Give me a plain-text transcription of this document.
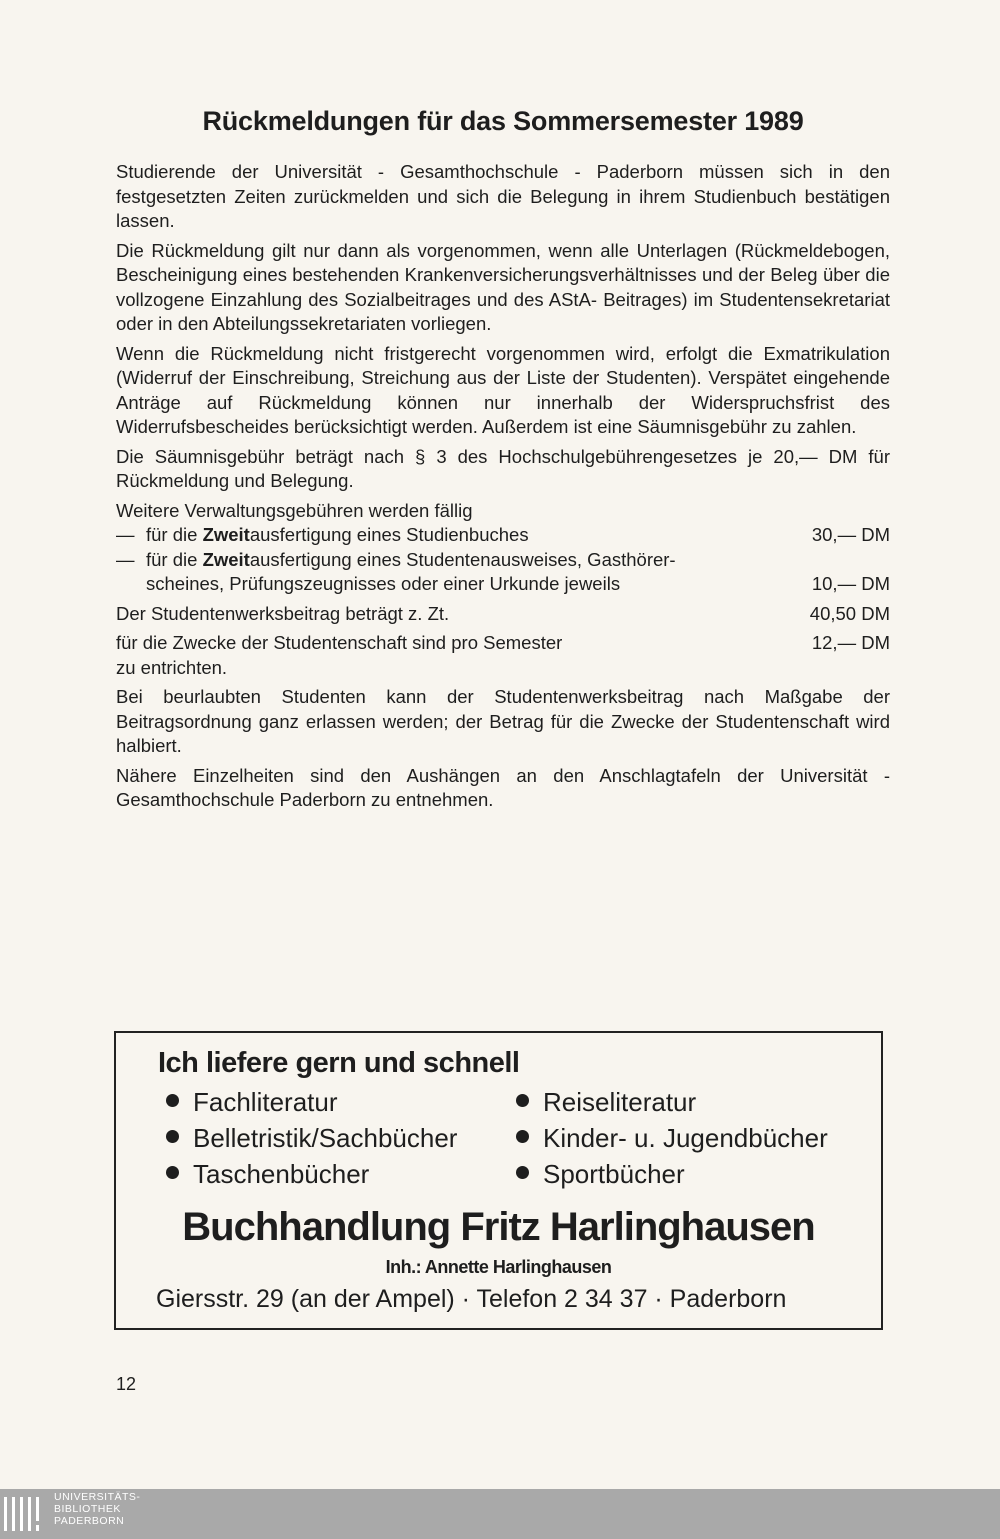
Rückmeldungen für das Sommersemester 1989

Studierende der Universität - Gesamthochschule - Paderborn müssen sich in den festgesetzten Zeiten zurückmelden und sich die Belegung in ihrem Studienbuch bestätigen lassen.

Die Rückmeldung gilt nur dann als vorgenommen, wenn alle Unterlagen (Rückmeldebogen, Bescheinigung eines bestehenden Krankenversicherungsverhältnisses und der Beleg über die vollzogene Einzahlung des Sozialbeitrages und des AStA- Beitrages) im Studentensekretariat oder in den Abteilungssekretariaten vorliegen.

Wenn die Rückmeldung nicht fristgerecht vorgenommen wird, erfolgt die Exmatrikulation (Widerruf der Einschreibung, Streichung aus der Liste der Studenten). Verspätet eingehende Anträge auf Rückmeldung können nur innerhalb der Widerspruchsfrist des Widerrufsbescheides berücksichtigt werden. Außerdem ist eine Säumnisgebühr zu zahlen.

Die Säumnisgebühr beträgt nach § 3 des Hochschulgebührengesetzes je 20,— DM für Rückmeldung und Belegung.

Weitere Verwaltungsgebühren werden fällig
— für die Zweitausfertigung eines Studienbuches	30,— DM
— für die Zweitausfertigung eines Studentenausweises, Gasthörer-
scheines, Prüfungszeugnisses oder einer Urkunde jeweils	10,— DM
Der Studentenwerksbeitrag beträgt z. Zt.	40,50 DM
für die Zwecke der Studentenschaft sind pro Semester	12,— DM
zu entrichten.

Bei beurlaubten Studenten kann der Studentenwerksbeitrag nach Maßgabe der Beitragsordnung ganz erlassen werden; der Betrag für die Zwecke der Studentenschaft wird halbiert.

Nähere Einzelheiten sind den Aushängen an den Anschlagtafeln der Universität - Gesamthochschule Paderborn zu entnehmen.

Ich liefere gern und schnell
Fachliteratur	Reiseliteratur
Belletristik/Sachbücher	Kinder- u. Jugendbücher
Taschenbücher	Sportbücher
Buchhandlung Fritz Harlinghausen
Inh.: Annette Harlinghausen
Giersstr. 29 (an der Ampel) · Telefon 2 34 37 · Paderborn
12
UNIVERSITÄTS-
BIBLIOTHEK
PADERBORN
